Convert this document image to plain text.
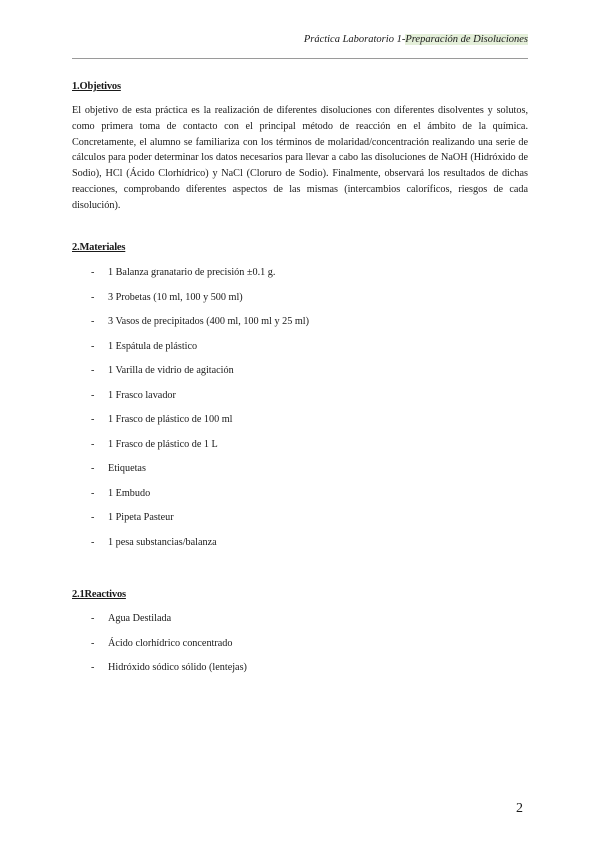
Práctica Laboratorio 1-Preparación de Disoluciones
1.Objetivos

El objetivo de esta práctica es la realización de diferentes disoluciones con diferentes disolventes y solutos, como primera toma de contacto con el principal método de reacción en el ámbito de la química. Concretamente, el alumno se familiariza con los términos de molaridad/concentración realizando una serie de cálculos para poder determinar los datos necesarios para llevar a cabo las disoluciones de NaOH (Hidróxido de Sodio), HCl (Ácido Clorhídrico) y NaCl (Cloruro de Sodio). Finalmente, observará los resultados de dichas reacciones, comprobando diferentes aspectos de las mismas (intercambios caloríficos, riesgos de cada disolución).

2.Materiales
- 1 Balanza granatario de precisión ±0.1 g.
- 3 Probetas (10 ml, 100 y 500 ml)
- 3 Vasos de precipitados (400 ml, 100 ml y 25 ml)
- 1 Espátula de plástico
- 1 Varilla de vidrio de agitación
- 1 Frasco lavador
- 1 Frasco de plástico de 100 ml
- 1 Frasco de plástico de 1 L
- Etiquetas
- 1 Embudo
- 1 Pipeta Pasteur
- 1 pesa substancias/balanza
2.1Reactivos
- Agua Destilada
- Ácido clorhídrico concentrado
- Hidróxido sódico sólido (lentejas)
2
